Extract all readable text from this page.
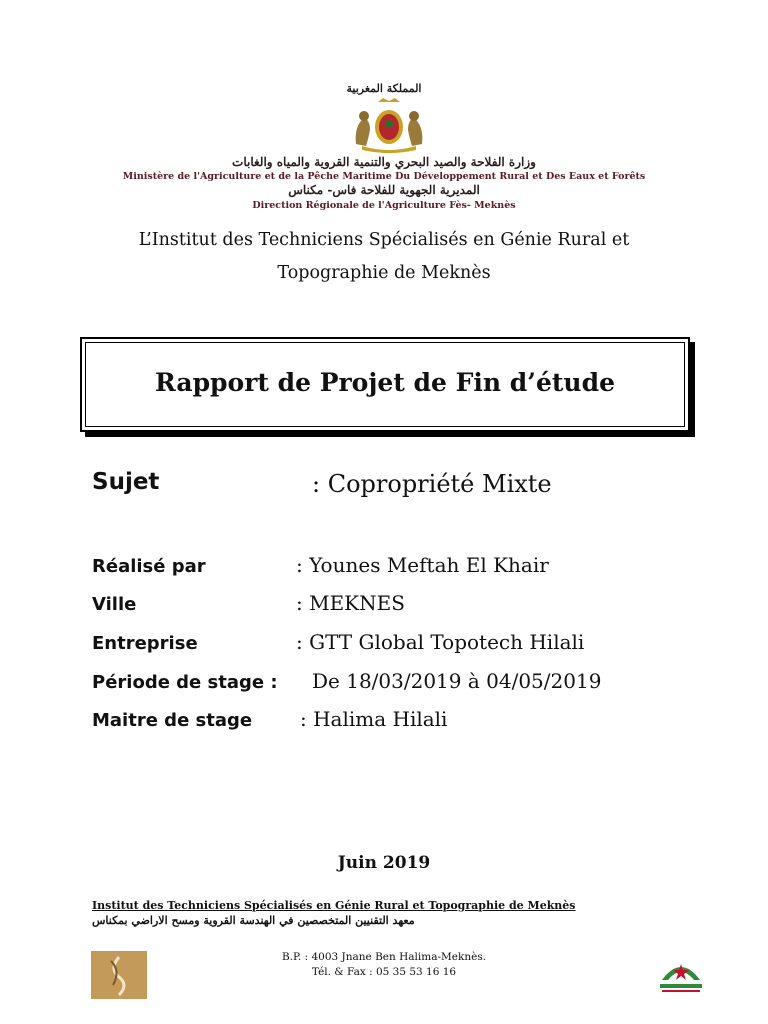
المملكة المغربية
وزارة الفلاحة والصيد البحري والتنمية القروية والمياه والغابات
Ministère de l'Agriculture et de la Pêche Maritime Du Développement Rural et Des Eaux et Forêts
المديرية الجهوية للفلاحة فاس- مكناس
Direction Régionale de l'Agriculture Fès- Meknès
L’Institut des Techniciens Spécialisés en Génie Rural et
Topographie de Meknès
Rapport de Projet de Fin d’étude
Sujet	: Copropriété Mixte
Réalisé par	: Younes Meftah El Khair
Ville	: MEKNES
Entreprise	: GTT Global Topotech Hilali
Période de stage : De 18/03/2019 à 04/05/2019
Maitre de stage : Halima Hilali
Juin 2019
Institut des Techniciens Spécialisés en Génie Rural et Topographie de Meknès
معهد التقنيين المتخصصين في الهندسة القروية ومسح الاراضي بمكناس
B.P. : 4003 Jnane Ben Halima-Meknès.
Tél. & Fax : 05 35 53 16 16
